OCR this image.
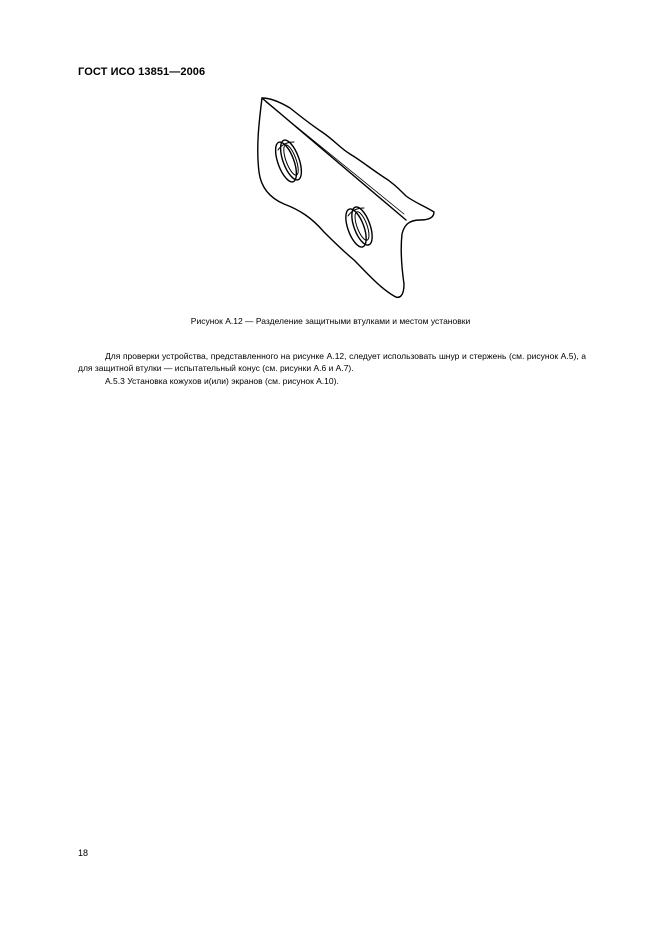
ГОСТ ИСО 13851—2006
Рисунок А.12 — Разделение защитными втулками и местом установки

Для проверки устройства, представленного на рисунке А.12, следует использовать шнур и стержень (см. рисунок А.5), а для защитной втулки — испытательный конус (см. рисунки А.6 и А.7).

А.5.3 Установка кожухов и(или) экранов (см. рисунок А.10).

18
